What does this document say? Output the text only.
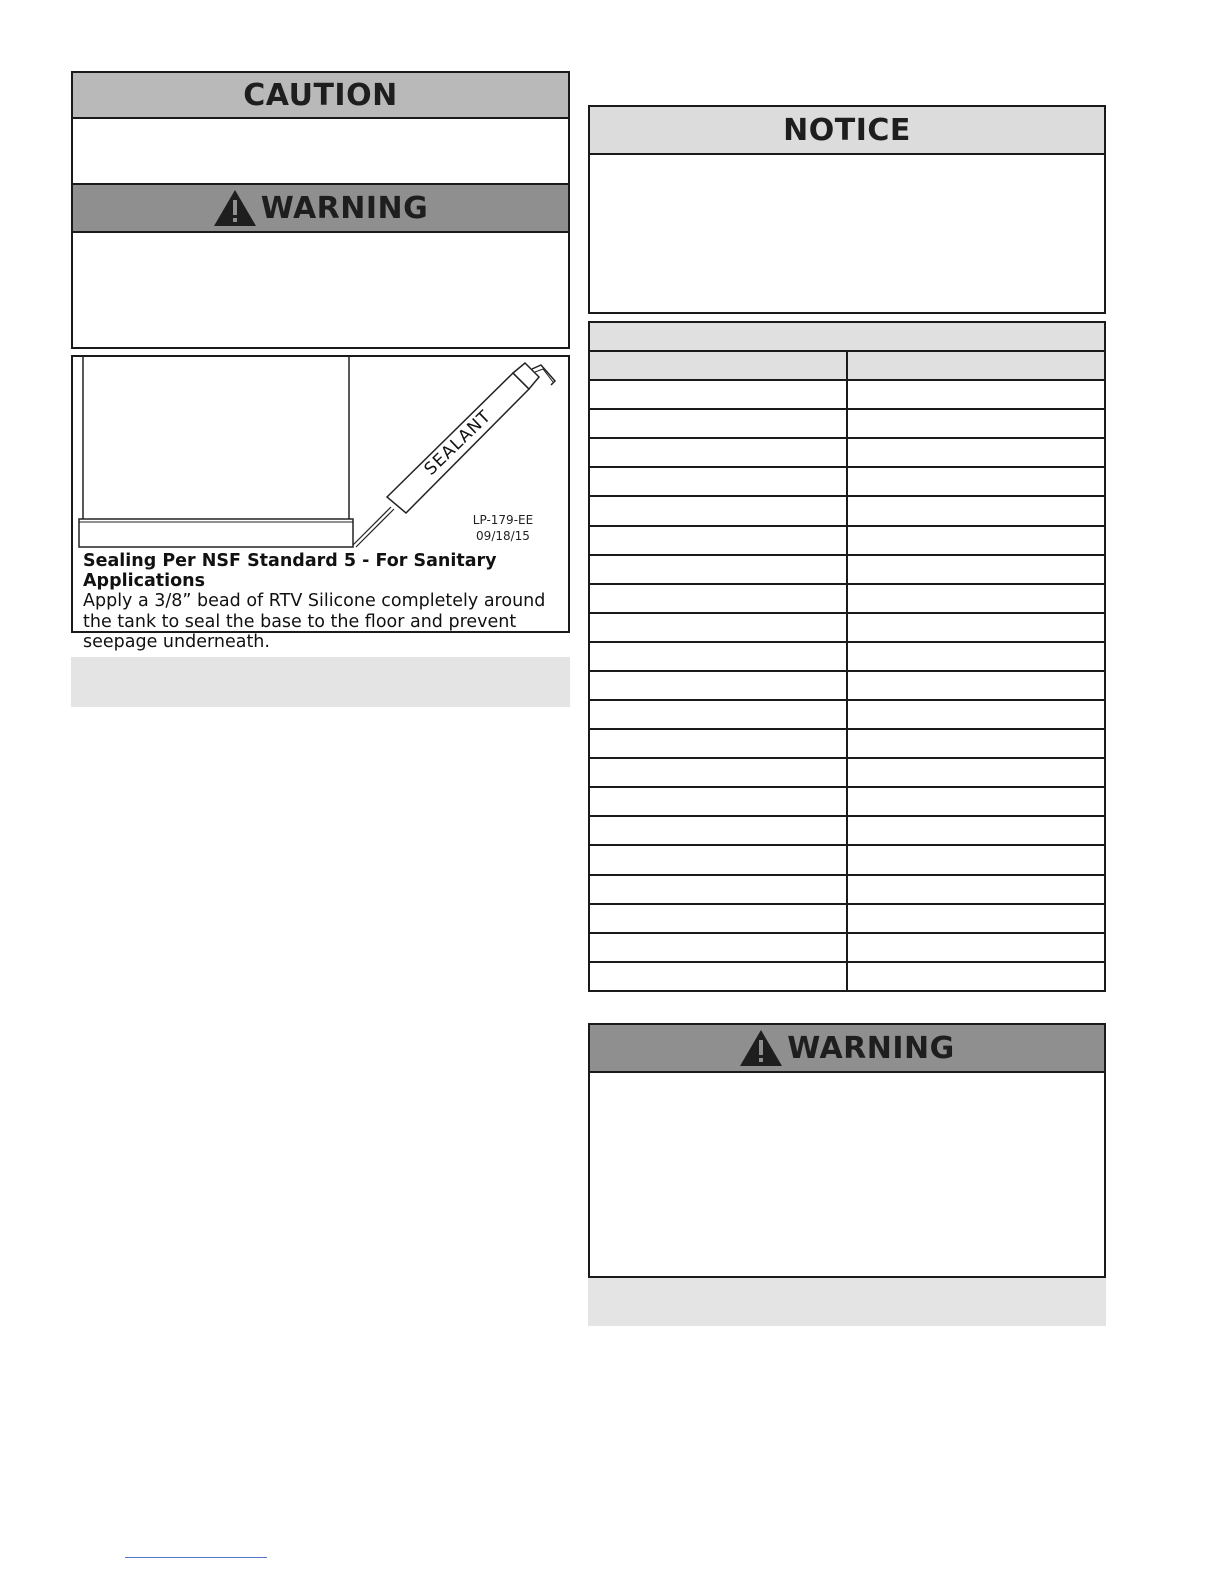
CAUTION
WARNING
SEALANT
LP-179-EE
09/18/15
Sealing Per NSF Standard 5 - For Sanitary Applications
Apply a 3/8” bead of RTV Silicone completely around
the tank to seal the base to the floor and prevent
seepage underneath.
NOTICE

WARNING
